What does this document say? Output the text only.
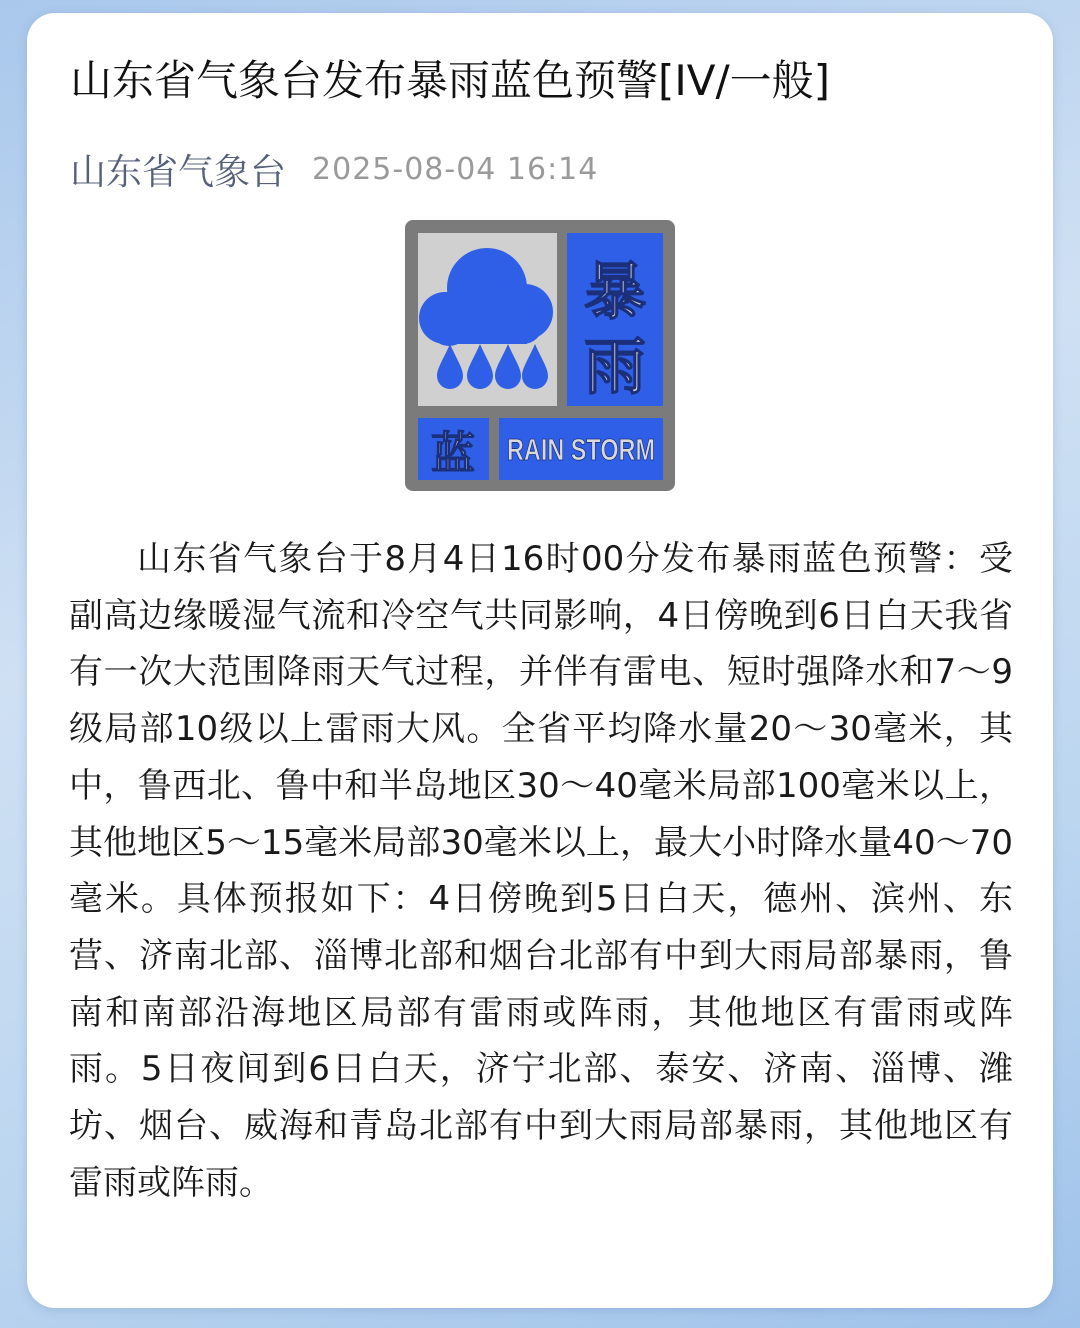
山东省气象台发布暴雨蓝色预警[IV/一般]
山东省气象台 2025-08-04 16:14
暴
雨
蓝 RAIN STORM
山东省气象台于8月4日16时00分发布暴雨蓝色预警：受副高边缘暖湿气流和冷空气共同影响，4日傍晚到6日白天我省有一次大范围降雨天气过程，并伴有雷电、短时强降水和7～9级局部10级以上雷雨大风。全省平均降水量20～30毫米，其中，鲁西北、鲁中和半岛地区30～40毫米局部100毫米以上，其他地区5～15毫米局部30毫米以上，最大小时降水量40～70毫米。具体预报如下：4日傍晚到5日白天，德州、滨州、东营、济南北部、淄博北部和烟台北部有中到大雨局部暴雨，鲁南和南部沿海地区局部有雷雨或阵雨，其他地区有雷雨或阵雨。5日夜间到6日白天，济宁北部、泰安、济南、淄博、潍坊、烟台、威海和青岛北部有中到大雨局部暴雨，其他地区有雷雨或阵雨。
